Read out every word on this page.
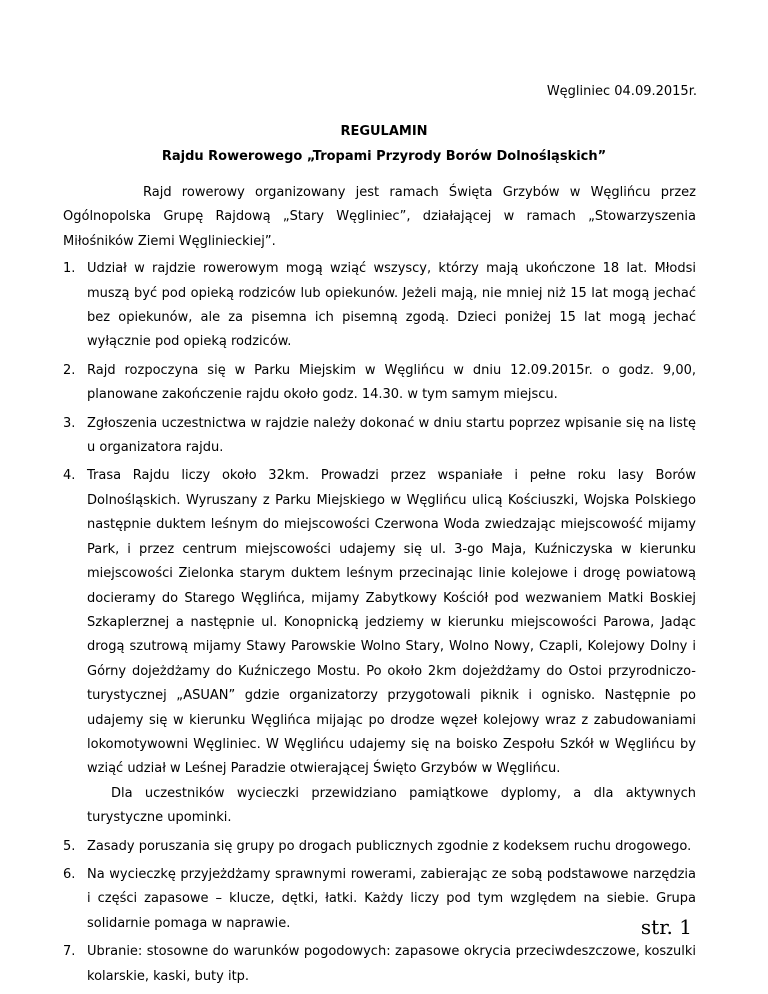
Węgliniec 04.09.2015r.
REGULAMIN
Rajdu Rowerowego „Tropami Przyrody Borów Dolnośląskich”

Rajd rowerowy organizowany jest ramach Święta Grzybów w Węglińcu przez Ogólnopolska Grupę Rajdową „Stary Węgliniec”, działającej w ramach „Stowarzyszenia Miłośników Ziemi Węglinieckiej”.

1. Udział w rajdzie rowerowym mogą wziąć wszyscy, którzy mają ukończone 18 lat. Młodsi muszą być pod opieką rodziców lub opiekunów. Jeżeli mają, nie mniej niż 15 lat mogą jechać bez opiekunów, ale za pisemna ich pisemną zgodą. Dzieci poniżej 15 lat mogą jechać wyłącznie pod opieką rodziców.
2. Rajd rozpoczyna się w Parku Miejskim w Węglińcu w dniu 12.09.2015r. o godz. 9,00, planowane zakończenie rajdu około godz. 14.30. w tym samym miejscu.
3. Zgłoszenia uczestnictwa w rajdzie należy dokonać w dniu startu poprzez wpisanie się na listę u organizatora rajdu.
4. Trasa Rajdu liczy około 32km. Prowadzi przez wspaniałe i pełne roku lasy Borów Dolnośląskich. Wyruszany z Parku Miejskiego w Węglińcu ulicą Kościuszki, Wojska Polskiego następnie duktem leśnym do miejscowości Czerwona Woda zwiedzając miejscowość mijamy Park, i przez centrum miejscowości udajemy się ul. 3-go Maja, Kuźniczyska w kierunku miejscowości Zielonka starym duktem leśnym przecinając linie kolejowe i drogę powiatową docieramy do Starego Węglińca, mijamy Zabytkowy Kościół pod wezwaniem Matki Boskiej Szkaplerznej a następnie ul. Konopnicką jedziemy w kierunku miejscowości Parowa, Jadąc drogą szutrową mijamy Stawy Parowskie Wolno Stary, Wolno Nowy, Czapli, Kolejowy Dolny i Górny dojeżdżamy do Kuźniczego Mostu. Po około 2km dojeżdżamy do Ostoi przyrodniczo-turystycznej „ASUAN” gdzie organizatorzy przygotowali piknik i ognisko. Następnie po udajemy się w kierunku Węglińca mijając po drodze węzeł kolejowy wraz z zabudowaniami lokomotywowni Węgliniec. W Węglińcu udajemy się na boisko Zespołu Szkół w Węglińcu by wziąć udział w Leśnej Paradzie otwierającej Święto Grzybów w Węglińcu.

Dla uczestników wycieczki przewidziano pamiątkowe dyplomy, a dla aktywnych turystyczne upominki.

5. Zasady poruszania się grupy po drogach publicznych zgodnie z kodeksem ruchu drogowego.
6. Na wycieczkę przyjeżdżamy sprawnymi rowerami, zabierając ze sobą podstawowe narzędzia i części zapasowe – klucze, dętki, łatki. Każdy liczy pod tym względem na siebie. Grupa solidarnie pomaga w naprawie.
7. Ubranie: stosowne do warunków pogodowych: zapasowe okrycia przeciwdeszczowe, koszulki kolarskie, kaski, buty itp.
str. 1
